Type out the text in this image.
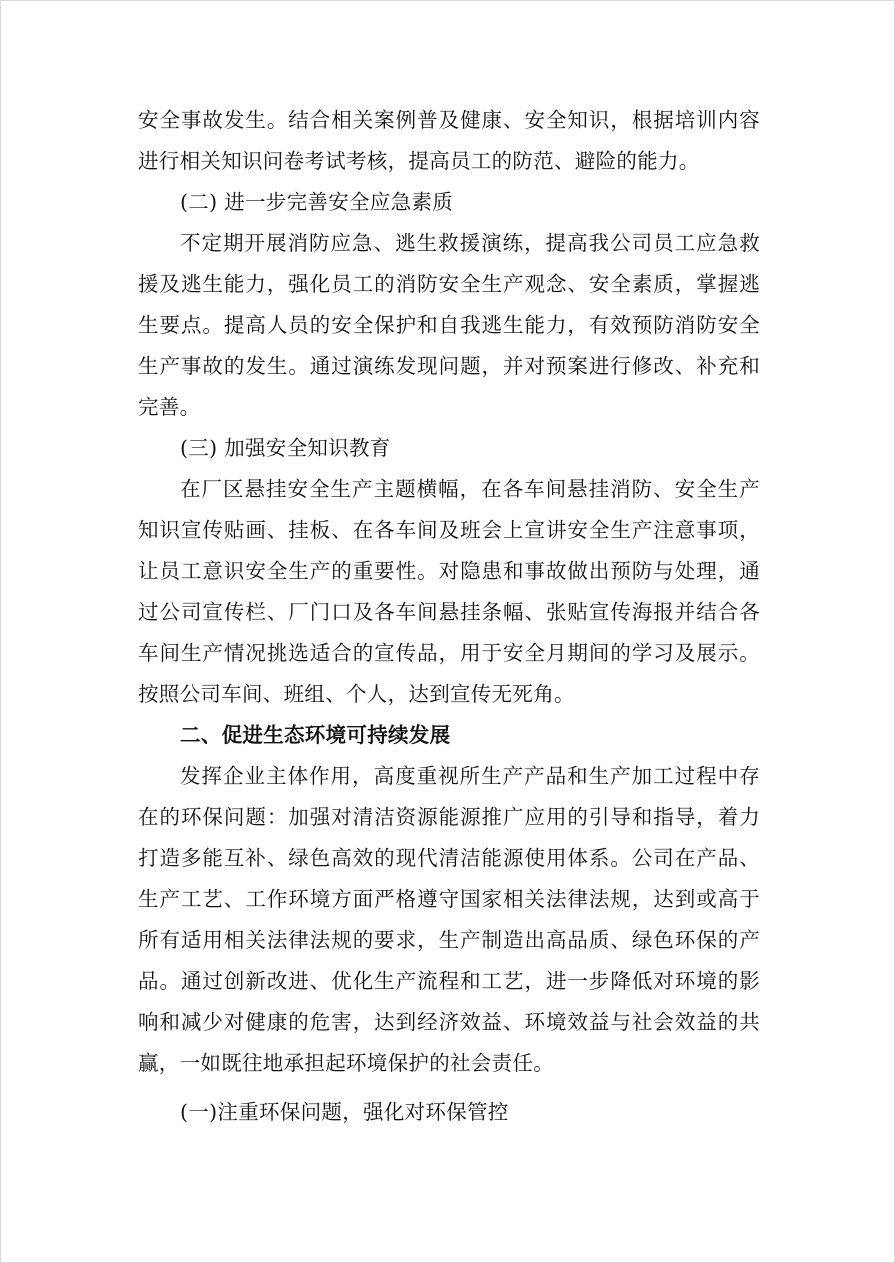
安全事故发生。结合相关案例普及健康、安全知识，根据培训内容进行相关知识问卷考试考核，提高员工的防范、避险的能力。

(二) 进一步完善安全应急素质

不定期开展消防应急、逃生救援演练，提高我公司员工应急救援及逃生能力，强化员工的消防安全生产观念、安全素质，掌握逃生要点。提高人员的安全保护和自我逃生能力，有效预防消防安全生产事故的发生。通过演练发现问题，并对预案进行修改、补充和完善。

(三) 加强安全知识教育

在厂区悬挂安全生产主题横幅，在各车间悬挂消防、安全生产知识宣传贴画、挂板、在各车间及班会上宣讲安全生产注意事项，让员工意识安全生产的重要性。对隐患和事故做出预防与处理，通过公司宣传栏、厂门口及各车间悬挂条幅、张贴宣传海报并结合各车间生产情况挑选适合的宣传品，用于安全月期间的学习及展示。按照公司车间、班组、个人，达到宣传无死角。

二、促进生态环境可持续发展

发挥企业主体作用，高度重视所生产产品和生产加工过程中存在的环保问题：加强对清洁资源能源推广应用的引导和指导，着力打造多能互补、绿色高效的现代清洁能源使用体系。公司在产品、生产工艺、工作环境方面严格遵守国家相关法律法规，达到或高于所有适用相关法律法规的要求，生产制造出高品质、绿色环保的产品。通过创新改进、优化生产流程和工艺，进一步降低对环境的影响和减少对健康的危害，达到经济效益、环境效益与社会效益的共赢，一如既往地承担起环境保护的社会责任。

(一)注重环保问题，强化对环保管控
